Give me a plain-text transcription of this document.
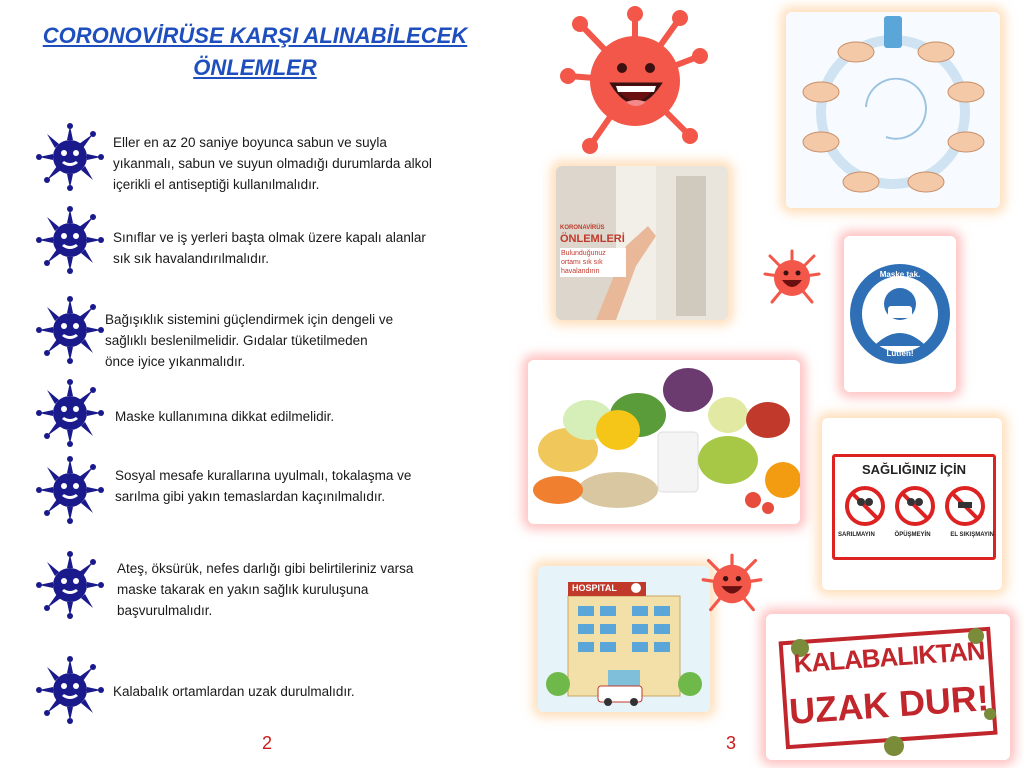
CORONOVİRÜSE KARŞI ALINABİLECEK
ÖNLEMLER
Eller en az 20 saniye boyunca sabun ve suyla
yıkanmalı, sabun ve suyun olmadığı durumlarda alkol
içerikli el antiseptiği kullanılmalıdır.
Sınıflar ve iş yerleri başta olmak üzere kapalı alanlar
sık sık havalandırılmalıdır.
Bağışıklık sistemini güçlendirmek için dengeli ve
sağlıklı beslenilmelidir. Gıdalar tüketilmeden
önce iyice yıkanmalıdır.
Maske kullanımına dikkat edilmelidir.
Sosyal mesafe kurallarına uyulmalı, tokalaşma ve
sarılma gibi yakın temaslardan kaçınılmalıdır.
Ateş, öksürük, nefes darlığı gibi belirtileriniz varsa
maske takarak en yakın sağlık kuruluşuna
başvurulmalıdır.
Kalabalık ortamlardan uzak durulmalıdır.
2	3
KORONAVİRÜS
ÖNLEMLERİ
Bulunduğunuz
ortamı sık sık
havalandırın	Maske tak.
Lütfen!
SAĞLIĞINIZ İÇİN
SARILMAYIN	ÖPÜŞMEYİN	EL SIKIŞMAYIN
HOSPITAL
KALABALIKTAN
UZAK DUR!
